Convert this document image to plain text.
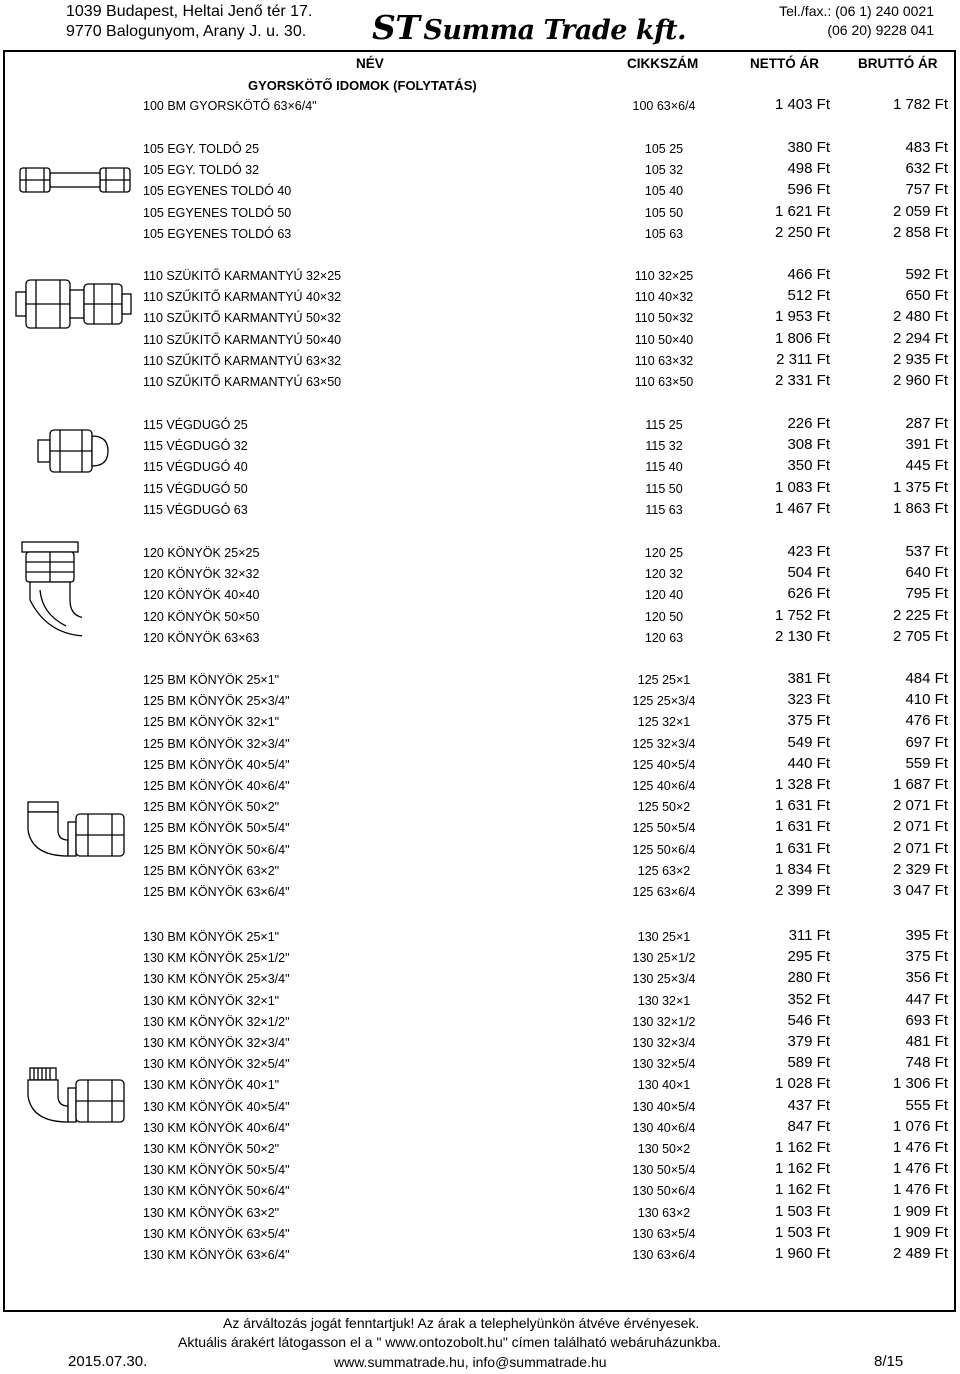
1039 Budapest, Heltai Jenő tér 17.
9770 Balogunyom, Arany J. u. 30. ST Summa Trade kft.
Tel./fax.: (06 1) 240 0021
(06 20) 9228 041
NÉV	CIKKSZÁM	NETTÓ ÁR	BRUTTÓ ÁR
GYORSKÖTŐ IDOMOK (FOLYTATÁS)
100 BM GYORSKÖTŐ 63×6/4"	100 63×6/4	1 403 Ft	1 782 Ft
105 EGY. TOLDÓ 25	105 25	380 Ft	483 Ft
105 EGY. TOLDÓ 32	105 32	498 Ft	632 Ft
105 EGYENES TOLDÓ 40	105 40	596 Ft	757 Ft
105 EGYENES TOLDÓ 50	105 50	1 621 Ft	2 059 Ft
105 EGYENES TOLDÓ 63	105 63	2 250 Ft	2 858 Ft
110 SZÜKITŐ KARMANTYÚ 32×25	110 32×25	466 Ft	592 Ft
110 SZŰKITŐ KARMANTYÚ 40×32	110 40×32	512 Ft	650 Ft
110 SZŰKITŐ KARMANTYÚ 50×32	110 50×32	1 953 Ft	2 480 Ft
110 SZŰKITŐ KARMANTYÚ 50×40	110 50×40	1 806 Ft	2 294 Ft
110 SZŰKITŐ KARMANTYÚ 63×32	110 63×32	2 311 Ft	2 935 Ft
110 SZŰKITŐ KARMANTYÚ 63×50	110 63×50	2 331 Ft	2 960 Ft
115 VÉGDUGÓ 25	115 25	226 Ft	287 Ft
115 VÉGDUGÓ 32	115 32	308 Ft	391 Ft
115 VÉGDUGÓ 40	115 40	350 Ft	445 Ft
115 VÉGDUGÓ 50	115 50	1 083 Ft	1 375 Ft
115 VÉGDUGÓ 63	115 63	1 467 Ft	1 863 Ft
120 KÖNYÖK 25×25	120 25	423 Ft	537 Ft
120 KÖNYÖK 32×32	120 32	504 Ft	640 Ft
120 KÖNYÖK 40×40	120 40	626 Ft	795 Ft
120 KÖNYÖK 50×50	120 50	1 752 Ft	2 225 Ft
120 KÖNYÖK 63×63	120 63	2 130 Ft	2 705 Ft
125 BM KÖNYÖK 25×1"	125 25×1	381 Ft	484 Ft
125 BM KÖNYÖK 25×3/4"	125 25×3/4	323 Ft	410 Ft
125 BM KÖNYÖK 32×1"	125 32×1	375 Ft	476 Ft
125 BM KÖNYÖK 32×3/4"	125 32×3/4	549 Ft	697 Ft
125 BM KÖNYÖK 40×5/4"	125 40×5/4	440 Ft	559 Ft
125 BM KÖNYÖK 40×6/4"	125 40×6/4	1 328 Ft	1 687 Ft
125 BM KÖNYÖK 50×2"	125 50×2	1 631 Ft	2 071 Ft
125 BM KÖNYÖK 50×5/4"	125 50×5/4	1 631 Ft	2 071 Ft
125 BM KÖNYÖK 50×6/4"	125 50×6/4	1 631 Ft	2 071 Ft
125 BM KÖNYÖK 63×2"	125 63×2	1 834 Ft	2 329 Ft
125 BM KÖNYÖK 63×6/4"	125 63×6/4	2 399 Ft	3 047 Ft
130 BM KÖNYÖK 25×1"	130 25×1	311 Ft	395 Ft
130 KM KÖNYÖK 25×1/2"	130 25×1/2	295 Ft	375 Ft
130 KM KÖNYÖK 25×3/4"	130 25×3/4	280 Ft	356 Ft
130 KM KÖNYÖK 32×1"	130 32×1	352 Ft	447 Ft
130 KM KÖNYÖK 32×1/2"	130 32×1/2	546 Ft	693 Ft
130 KM KÖNYÖK 32×3/4"	130 32×3/4	379 Ft	481 Ft
130 KM KÖNYÖK 32×5/4"	130 32×5/4	589 Ft	748 Ft
130 KM KÖNYÖK 40×1"	130 40×1	1 028 Ft	1 306 Ft
130 KM KÖNYÖK 40×5/4"	130 40×5/4	437 Ft	555 Ft
130 KM KÖNYÖK 40×6/4"	130 40×6/4	847 Ft	1 076 Ft
130 KM KÖNYÖK 50×2"	130 50×2	1 162 Ft	1 476 Ft
130 KM KÖNYÖK 50×5/4"	130 50×5/4	1 162 Ft	1 476 Ft
130 KM KÖNYÖK 50×6/4"	130 50×6/4	1 162 Ft	1 476 Ft
130 KM KÖNYÖK 63×2"	130 63×2	1 503 Ft	1 909 Ft
130 KM KÖNYÖK 63×5/4"	130 63×5/4	1 503 Ft	1 909 Ft
130 KM KÖNYÖK 63×6/4"	130 63×6/4	1 960 Ft	2 489 Ft
Az árváltozás jogát fenntartjuk! Az árak a telephelyünkön átvéve érvényesek.
Aktuális árakért látogasson el a " www.ontozobolt.hu" címen található webáruházunkba.
2015.07.30.	www.summatrade.hu, info@summatrade.hu	8/15
